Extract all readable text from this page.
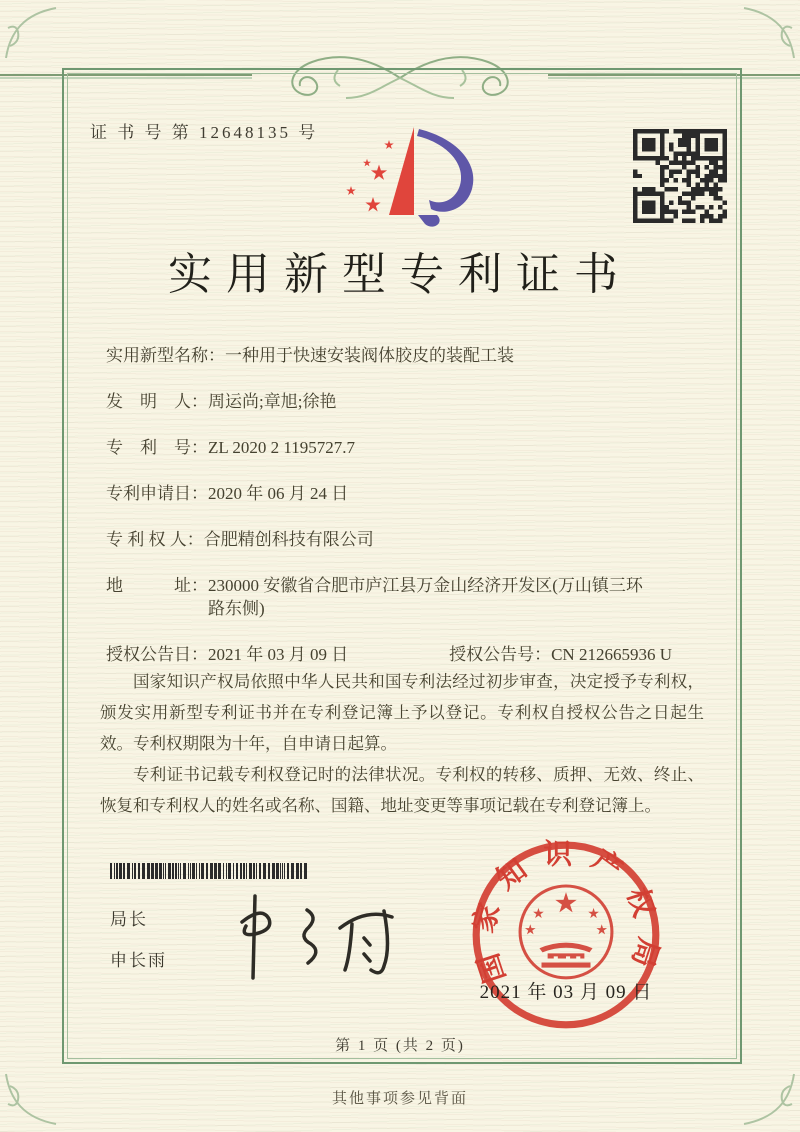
证 书 号 第 12648135 号
实用新型专利证书
实用新型名称： 一种用于快速安装阀体胶皮的装配工装
发　明　人： 周运尚;章旭;徐艳
专　利　号： ZL 2020 2 1195727.7
专利申请日： 2020 年 06 月 24 日
专 利 权 人： 合肥精创科技有限公司
地　　　址： 230000 安徽省合肥市庐江县万金山经济开发区(万山镇三环路东侧)
授权公告日： 2021 年 03 月 09 日	授权公告号： CN 212665936 U

国家知识产权局依照中华人民共和国专利法经过初步审查，决定授予专利权，颁发实用新型专利证书并在专利登记簿上予以登记。专利权自授权公告之日起生效。专利权期限为十年，自申请日起算。

专利证书记载专利权登记时的法律状况。专利权的转移、质押、无效、终止、恢复和专利权人的姓名或名称、国籍、地址变更等事项记载在专利登记簿上。

局长
申长雨	国家知识产权局
2021 年 03 月 09 日
第 1 页 (共 2 页)
其他事项参见背面
